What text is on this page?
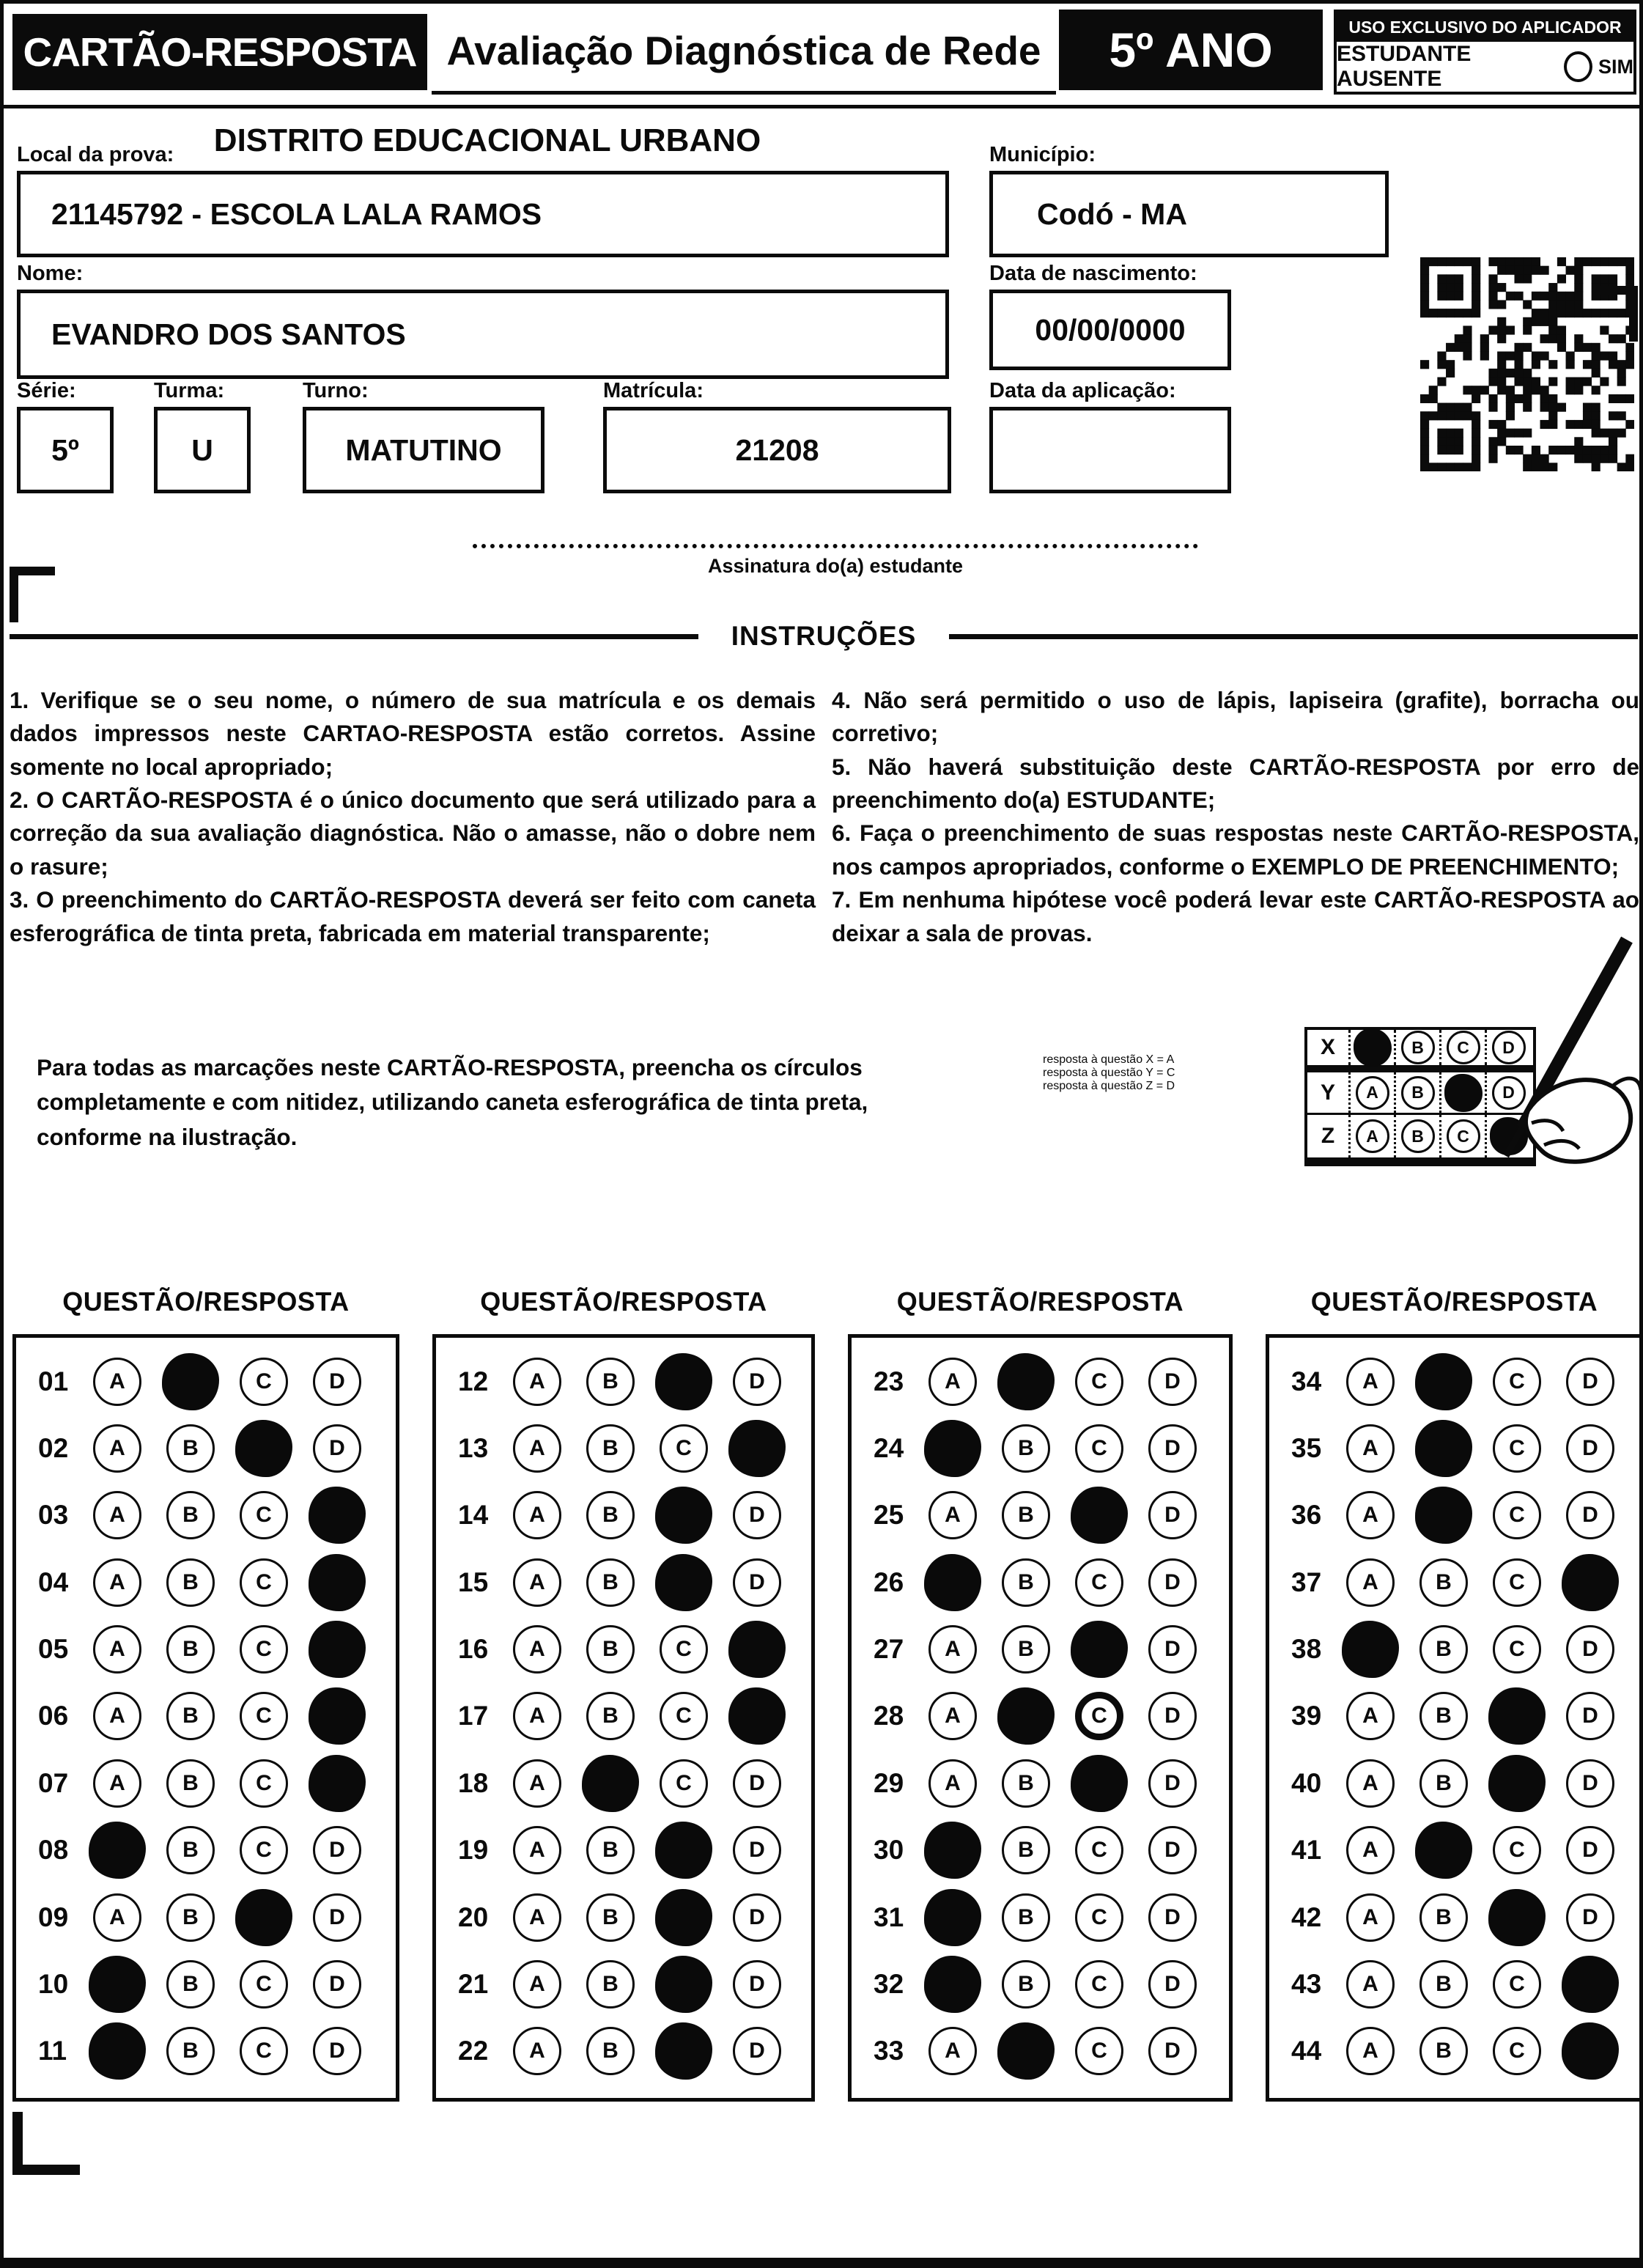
CARTÃO-RESPOSTA Avaliação Diagnóstica de Rede	5º ANO	USO EXCLUSIVO DO APLICADOR
ESTUDANTE AUSENTE
SIM
DISTRITO EDUCACIONAL URBANO
Local da prova:
21145792 - ESCOLA LALA RAMOS
Município:
Codó - MA
Nome:
EVANDRO DOS SANTOS
Data de nascimento:
00/00/0000
Série:
5º
Turma:
U
Turno:
MATUTINO
Matrícula:
21208
Data da aplicação:
Assinatura do(a) estudante
INSTRUÇÕES

1. Verifique se o seu nome, o número de sua matrícula e os demais dados impressos neste CARTAO-RESPOSTA estão corretos. Assine somente no local apropriado;

2. O CARTÃO-RESPOSTA é o único documento que será utilizado para a correção da sua avaliação diagnóstica. Não o amasse, não o dobre nem o rasure;

3. O preenchimento do CARTÃO-RESPOSTA deverá ser feito com caneta esferográfica de tinta preta, fabricada em material transparente;

4. Não será permitido o uso de lápis, lapiseira (grafite), borracha ou corretivo;

5. Não haverá substituição deste CARTÃO-RESPOSTA por erro de preenchimento do(a) ESTUDANTE;

6. Faça o preenchimento de suas respostas neste CARTÃO-RESPOSTA, nos campos apropriados, conforme o EXEMPLO DE PREENCHIMENTO;

7. Em nenhuma hipótese você poderá levar este CARTÃO-RESPOSTA ao deixar a sala de provas.

Para todas as marcações neste CARTÃO-RESPOSTA, preencha os círculos completamente e com nitidez, utilizando caneta esferográfica de tinta preta, conforme na ilustração.

resposta à questão X = A

resposta à questão Y = C

resposta à questão Z = D

X	B	C	D
Y	A	B	D
Z	A	B	C
QUESTÃO/RESPOSTA	QUESTÃO/RESPOSTA	QUESTÃO/RESPOSTA	QUESTÃO/RESPOSTA
01	A	C	D
02	A	B	D
03	A	B	C
04	A	B	C
05	A	B	C
06	A	B	C
07	A	B	C
08	B	C	D
09	A	B	D
10	B	C	D
11	B	C	D
12	A	B	D
13	A	B	C
14	A	B	D
15	A	B	D
16	A	B	C
17	A	B	C
18	A	C	D
19	A	B	D
20	A	B	D
21	A	B	D
22	A	B	D
23	A	C	D
24	B	C	D
25	A	B	D
26	B	C	D
27	A	B	D
28	A	C	D
29	A	B	D
30	B	C	D
31	B	C	D
32	B	C	D
33	A	C	D
34	A	C	D
35	A	C	D
36	A	C	D
37	A	B	C
38	B	C	D
39	A	B	D
40	A	B	D
41	A	C	D
42	A	B	D
43	A	B	C
44	A	B	C
